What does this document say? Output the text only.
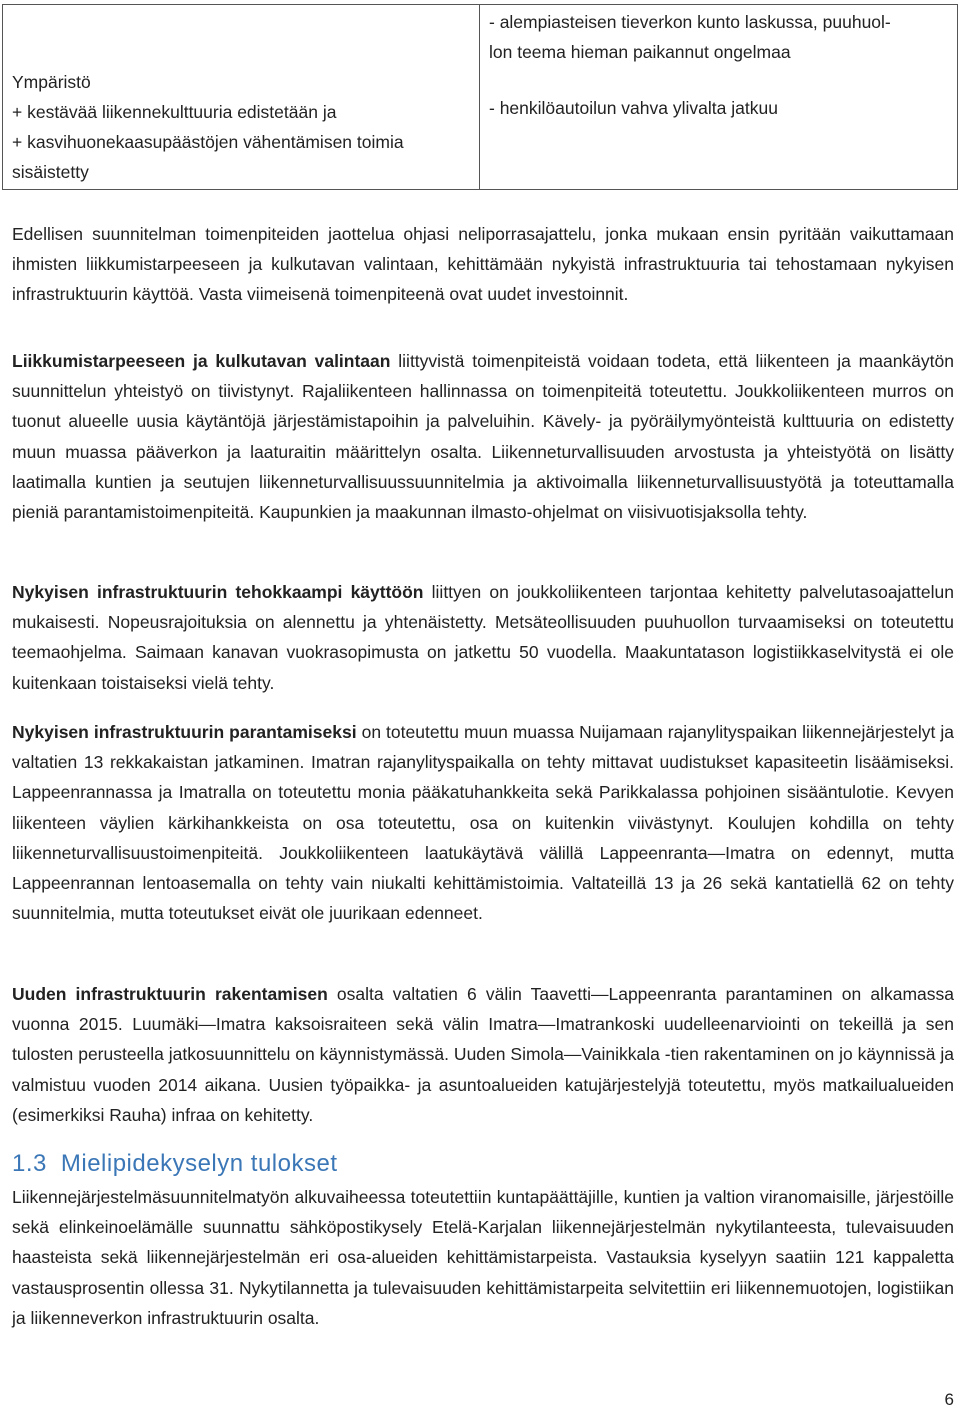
Ympäristö
+ kestävää liikennekulttuuria edistetään ja
+ kasvihuonekaasupäästöjen vähentämisen toimia
sisäistetty

- alempiasteisen tieverkon kunto laskussa, puuhuol-
lon teema hieman paikannut ongelmaa
- henkilöautoilun vahva ylivalta jatkuu

Edellisen suunnitelman toimenpiteiden jaottelua ohjasi neliporrasajattelu, jonka mukaan ensin pyritään vaikuttamaan ihmisten liikkumistarpeeseen ja kulkutavan valintaan, kehittämään nykyistä infrastruktuuria tai tehostamaan nykyisen infrastruktuurin käyttöä. Vasta viimeisenä toimenpiteenä ovat uudet investoinnit.

Liikkumistarpeeseen ja kulkutavan valintaan liittyvistä toimenpiteistä voidaan todeta, että liikenteen ja maankäytön suunnittelun yhteistyö on tiivistynyt. Rajaliikenteen hallinnassa on toimenpiteitä toteutettu. Joukkoliikenteen murros on tuonut alueelle uusia käytäntöjä järjestämistapoihin ja palveluihin. Kävely- ja pyöräilymyönteistä kulttuuria on edistetty muun muassa pääverkon ja laaturaitin määrittelyn osalta. Liikenneturvallisuuden arvostusta ja yhteistyötä on lisätty laatimalla kuntien ja seutujen liikenneturvallisuussuunnitelmia ja aktivoimalla liikenneturvallisuustyötä ja toteuttamalla pieniä parantamistoimenpiteitä. Kaupunkien ja maakunnan ilmasto-ohjelmat on viisivuotisjaksolla tehty.

Nykyisen infrastruktuurin tehokkaampi käyttöön liittyen on joukkoliikenteen tarjontaa kehitetty palvelutasoajattelun mukaisesti. Nopeusrajoituksia on alennettu ja yhtenäistetty. Metsäteollisuuden puuhuollon turvaamiseksi on toteutettu teemaohjelma. Saimaan kanavan vuokrasopimusta on jatkettu 50 vuodella. Maakuntatason logistiikkaselvitystä ei ole kuitenkaan toistaiseksi vielä tehty.

Nykyisen infrastruktuurin parantamiseksi on toteutettu muun muassa Nuijamaan rajanylityspaikan liikennejärjestelyt ja valtatien 13 rekkakaistan jatkaminen. Imatran rajanylityspaikalla on tehty mittavat uudistukset kapasiteetin lisäämiseksi. Lappeenrannassa ja Imatralla on toteutettu monia pääkatuhankkeita sekä Parikkalassa pohjoinen sisääntulotie. Kevyen liikenteen väylien kärkihankkeista on osa toteutettu, osa on kuitenkin viivästynyt. Koulujen kohdilla on tehty liikenneturvallisuustoimenpiteitä. Joukkoliikenteen laatukäytävä välillä Lappeenranta—Imatra on edennyt, mutta Lappeenrannan lentoasemalla on tehty vain niukalti kehittämistoimia. Valtateillä 13 ja 26 sekä kantatiellä 62 on tehty suunnitelmia, mutta toteutukset eivät ole juurikaan edenneet.

Uuden infrastruktuurin rakentamisen osalta valtatien 6 välin Taavetti—Lappeenranta parantaminen on alkamassa vuonna 2015. Luumäki—Imatra kaksoisraiteen sekä välin Imatra—Imatrankoski uudelleenarviointi on tekeillä ja sen tulosten perusteella jatkosuunnittelu on käynnistymässä. Uuden Simola—Vainikkala -tien rakentaminen on jo käynnissä ja valmistuu vuoden 2014 aikana. Uusien työpaikka- ja asuntoalueiden katujärjestelyjä toteutettu, myös matkailualueiden (esimerkiksi Rauha) infraa on kehitetty.

1.3 Mielipidekyselyn tulokset

Liikennejärjestelmäsuunnitelmatyön alkuvaiheessa toteutettiin kuntapäättäjille, kuntien ja valtion viranomaisille, järjestöille sekä elinkeinoelämälle suunnattu sähköpostikysely Etelä-Karjalan liikennejärjestelmän nykytilanteesta, tulevaisuuden haasteista sekä liikennejärjestelmän eri osa-alueiden kehittämistarpeista. Vastauksia kyselyyn saatiin 121 kappaletta vastausprosentin ollessa 31. Nykytilannetta ja tulevaisuuden kehittämistarpeita selvitettiin eri liikennemuotojen, logistiikan ja liikenneverkon infrastruktuurin osalta.

6
